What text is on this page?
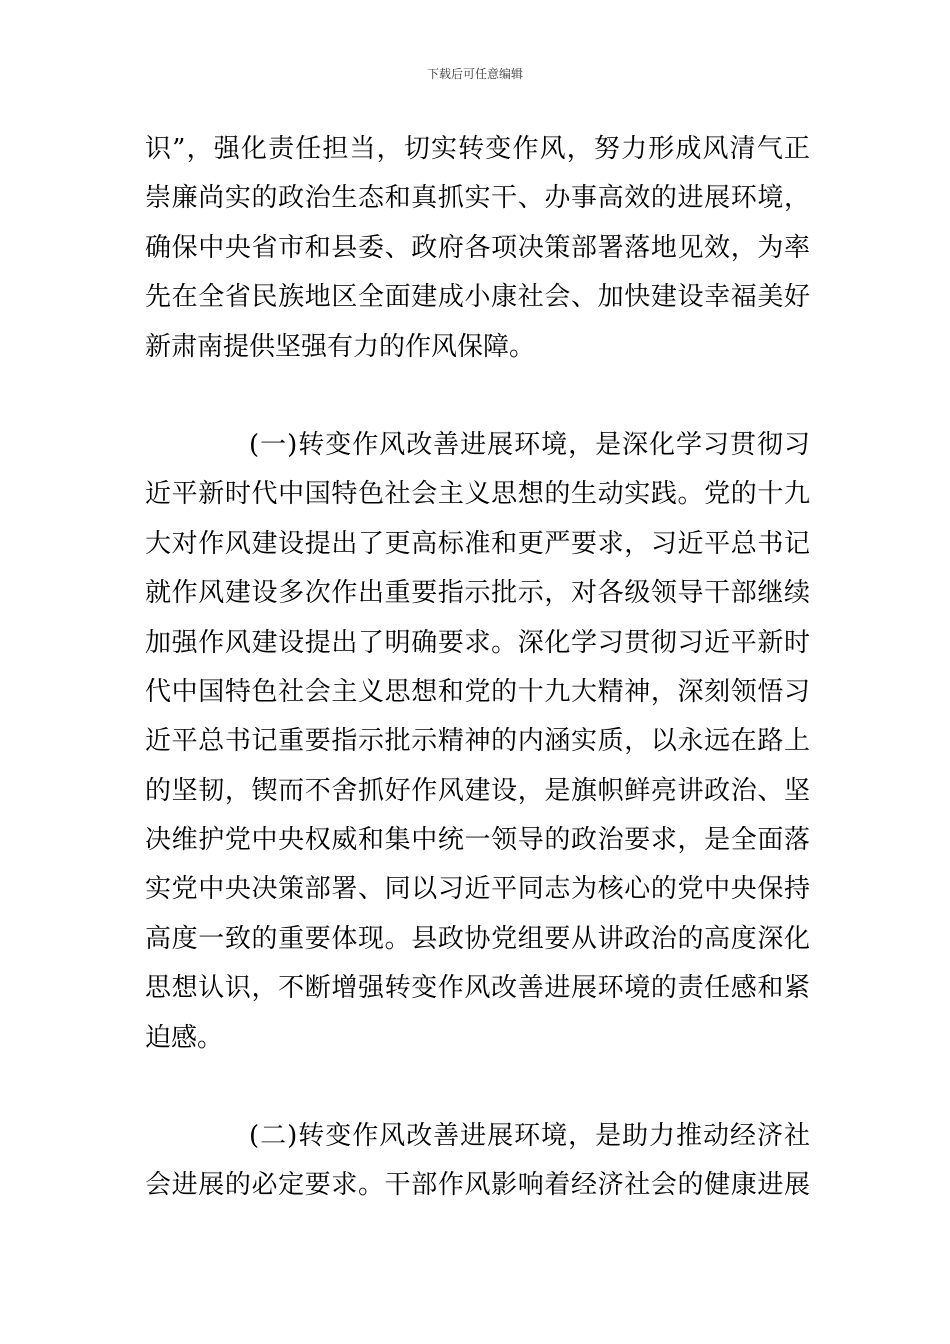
下载后可任意编辑
识”，强化责任担当，切实转变作风，努力形成风清气正
崇廉尚实的政治生态和真抓实干、办事高效的进展环境，
确保中央省市和县委、政府各项决策部署落地见效，为率
先在全省民族地区全面建成小康社会、加快建设幸福美好
新肃南提供坚强有力的作风保障。
(一)转变作风改善进展环境，是深化学习贯彻习
近平新时代中国特色社会主义思想的生动实践。党的十九
大对作风建设提出了更高标准和更严要求，习近平总书记
就作风建设多次作出重要指示批示，对各级领导干部继续
加强作风建设提出了明确要求。深化学习贯彻习近平新时
代中国特色社会主义思想和党的十九大精神，深刻领悟习
近平总书记重要指示批示精神的内涵实质，以永远在路上
的坚韧，锲而不舍抓好作风建设，是旗帜鲜亮讲政治、坚
决维护党中央权威和集中统一领导的政治要求，是全面落
实党中央决策部署、同以习近平同志为核心的党中央保持
高度一致的重要体现。县政协党组要从讲政治的高度深化
思想认识，不断增强转变作风改善进展环境的责任感和紧
迫感。
(二)转变作风改善进展环境，是助力推动经济社
会进展的必定要求。干部作风影响着经济社会的健康进展
